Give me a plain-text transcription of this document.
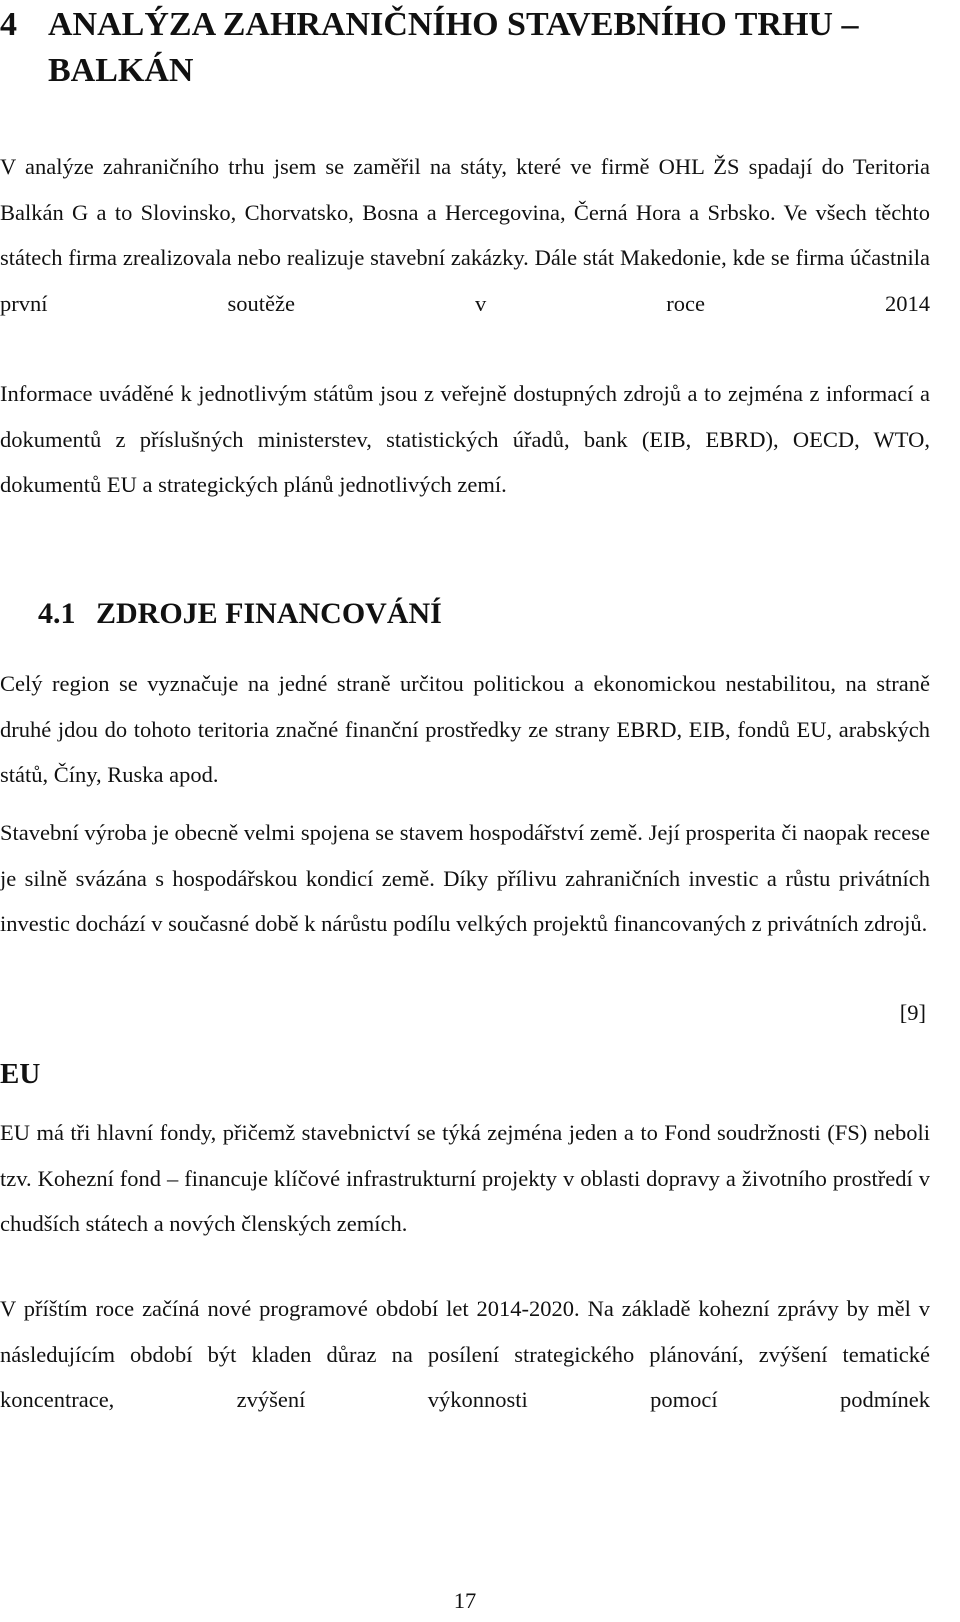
4 ANALÝZA ZAHRANIČNÍHO STAVEBNÍHO TRHU –
BALKÁN

V analýze zahraničního trhu jsem se zaměřil na státy, které ve firmě OHL ŽS spadají do Teritoria Balkán G a to Slovinsko, Chorvatsko, Bosna a Hercegovina, Černá Hora a Srbsko. Ve všech těchto státech firma zrealizovala nebo realizuje stavební zakázky. Dále stát Makedonie, kde se firma účastnila první soutěže v roce 2014

Informace uváděné k jednotlivým státům jsou z veřejně dostupných zdrojů a to zejména z informací a dokumentů z příslušných ministerstev, statistických úřadů, bank (EIB, EBRD), OECD, WTO, dokumentů EU a strategických plánů jednotlivých zemí.

4.1 ZDROJE FINANCOVÁNÍ

Celý region se vyznačuje na jedné straně určitou politickou a ekonomickou nestabilitou, na straně druhé jdou do tohoto teritoria značné finanční prostředky ze strany EBRD, EIB, fondů EU, arabských států, Číny, Ruska apod.

Stavební výroba je obecně velmi spojena se stavem hospodářství země. Její prosperita či naopak recese je silně svázána s hospodářskou kondicí země. Díky přílivu zahraničních investic a růstu privátních investic dochází v současné době k nárůstu podílu velkých projektů financovaných z privátních zdrojů.

[9]
EU

EU má tři hlavní fondy, přičemž stavebnictví se týká zejména jeden a to Fond soudržnosti (FS) neboli tzv. Kohezní fond – financuje klíčové infrastrukturní projekty v oblasti dopravy a životního prostředí v chudších státech a nových členských zemích.

V příštím roce začíná nové programové období let 2014-2020. Na základě kohezní zprávy by měl v následujícím období být kladen důraz na posílení strategického plánování, zvýšení tematické koncentrace, zvýšení výkonnosti pomocí podmínek

17
